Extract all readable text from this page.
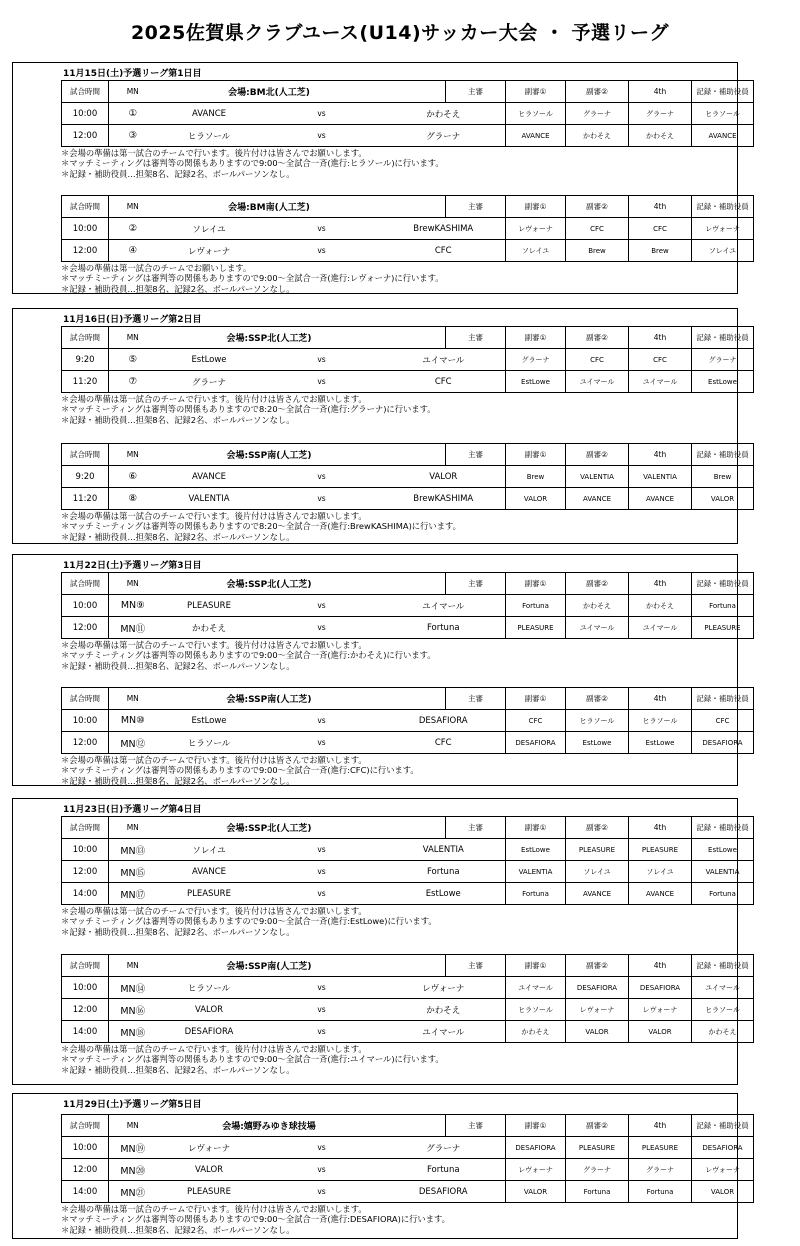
2025佐賀県クラブユース(U14)サッカー大会 ・ 予選リーグ
11月15日(土)予選リーグ第1日目
試合時間	MN	会場:BM北(人工芝)			主審	副審①	副審②	4th	記録・補助役員	
10:00	①	AVANCE	vs	かわそえ		ヒラソール	グラーナ	グラーナ	ヒラソール	
12:00	③	ヒラソール	vs	グラーナ		AVANCE	かわそえ	かわそえ	AVANCE	
＊会場の準備は第一試合のチームで行います。後片付けは皆さんでお願いします。
＊マッチミーティングは審判等の関係もありますので9:00～全試合一斉(進行:ヒラソール)に行います。
＊記録・補助役員…担架8名、記録2名、ボールパーソンなし。
試合時間	MN	会場:BM南(人工芝)			主審	副審①	副審②	4th	記録・補助役員	
10:00	②	ソレイユ	vs	BrewKASHIMA		レヴォーナ	CFC	CFC	レヴォーナ	
12:00	④	レヴォーナ	vs	CFC		ソレイユ	Brew	Brew	ソレイユ	
＊会場の準備は第一試合のチームでお願いします。
＊マッチミーティングは審判等の関係もありますので9:00～全試合一斉(進行:レヴォーナ)に行います。
＊記録・補助役員…担架8名、記録2名、ボールパーソンなし。
11月16日(日)予選リーグ第2日目
試合時間	MN	会場:SSP北(人工芝)			主審	副審①	副審②	4th	記録・補助役員	
9:20	⑤	EstLowe	vs	ユイマール		グラーナ	CFC	CFC	グラーナ	
11:20	⑦	グラーナ	vs	CFC		EstLowe	ユイマール	ユイマール	EstLowe	
＊会場の準備は第一試合のチームで行います。後片付けは皆さんでお願いします。
＊マッチミーティングは審判等の関係もありますので8:20～全試合一斉(進行:グラーナ)に行います。
＊記録・補助役員…担架8名、記録2名、ボールパーソンなし。
試合時間	MN	会場:SSP南(人工芝)			主審	副審①	副審②	4th	記録・補助役員	
9:20	⑥	AVANCE	vs	VALOR		Brew	VALENTIA	VALENTIA	Brew	
11:20	⑧	VALENTIA	vs	BrewKASHIMA		VALOR	AVANCE	AVANCE	VALOR	
＊会場の準備は第一試合のチームで行います。後片付けは皆さんでお願いします。
＊マッチミーティングは審判等の関係もありますので8:20～全試合一斉(進行:BrewKASHIMA)に行います。
＊記録・補助役員…担架8名、記録2名、ボールパーソンなし。
11月22日(土)予選リーグ第3日目
試合時間	MN	会場:SSP北(人工芝)			主審	副審①	副審②	4th	記録・補助役員	
10:00	MN⑨	PLEASURE	vs	ユイマール		Fortuna	かわそえ	かわそえ	Fortuna	
12:00	MN⑪	かわそえ	vs	Fortuna		PLEASURE	ユイマール	ユイマール	PLEASURE	
＊会場の準備は第一試合のチームで行います。後片付けは皆さんでお願いします。
＊マッチミーティングは審判等の関係もありますので9:00～全試合一斉(進行:かわそえ)に行います。
＊記録・補助役員…担架8名、記録2名、ボールパーソンなし。
試合時間	MN	会場:SSP南(人工芝)			主審	副審①	副審②	4th	記録・補助役員	
10:00	MN⑩	EstLowe	vs	DESAFIORA		CFC	ヒラソール	ヒラソール	CFC	
12:00	MN⑫	ヒラソール	vs	CFC		DESAFIORA	EstLowe	EstLowe	DESAFIORA	
＊会場の準備は第一試合のチームで行います。後片付けは皆さんでお願いします。
＊マッチミーティングは審判等の関係もありますので9:00～全試合一斉(進行:CFC)に行います。
＊記録・補助役員…担架8名、記録2名、ボールパーソンなし。
11月23日(日)予選リーグ第4日目
試合時間	MN	会場:SSP北(人工芝)			主審	副審①	副審②	4th	記録・補助役員	
10:00	MN⑬	ソレイユ	vs	VALENTIA		EstLowe	PLEASURE	PLEASURE	EstLowe	
12:00	MN⑮	AVANCE	vs	Fortuna		VALENTIA	ソレイユ	ソレイユ	VALENTIA	
14:00	MN⑰	PLEASURE	vs	EstLowe		Fortuna	AVANCE	AVANCE	Fortuna	
＊会場の準備は第一試合のチームで行います。後片付けは皆さんでお願いします。
＊マッチミーティングは審判等の関係もありますので9:00～全試合一斉(進行:EstLowe)に行います。
＊記録・補助役員…担架8名、記録2名、ボールパーソンなし。
試合時間	MN	会場:SSP南(人工芝)			主審	副審①	副審②	4th	記録・補助役員	
10:00	MN⑭	ヒラソール	vs	レヴォーナ		ユイマール	DESAFIORA	DESAFIORA	ユイマール	
12:00	MN⑯	VALOR	vs	かわそえ		ヒラソール	レヴォーナ	レヴォーナ	ヒラソール	
14:00	MN⑱	DESAFIORA	vs	ユイマール		かわそえ	VALOR	VALOR	かわそえ	
＊会場の準備は第一試合のチームで行います。後片付けは皆さんでお願いします。
＊マッチミーティングは審判等の関係もありますので9:00～全試合一斉(進行:ユイマール)に行います。
＊記録・補助役員…担架8名、記録2名、ボールパーソンなし。
11月29日(土)予選リーグ第5日目
試合時間	MN	会場:嬉野みゆき球技場			主審	副審①	副審②	4th	記録・補助役員	
10:00	MN⑲	レヴォーナ	vs	グラーナ		DESAFIORA	PLEASURE	PLEASURE	DESAFIORA	
12:00	MN⑳	VALOR	vs	Fortuna		レヴォーナ	グラーナ	グラーナ	レヴォーナ	
14:00	MN㉑	PLEASURE	vs	DESAFIORA		VALOR	Fortuna	Fortuna	VALOR	
＊会場の準備は第一試合のチームで行います。後片付けは皆さんでお願いします。
＊マッチミーティングは審判等の関係もありますので9:00～全試合一斉(進行:DESAFIORA)に行います。
＊記録・補助役員…担架8名、記録2名、ボールパーソンなし。
